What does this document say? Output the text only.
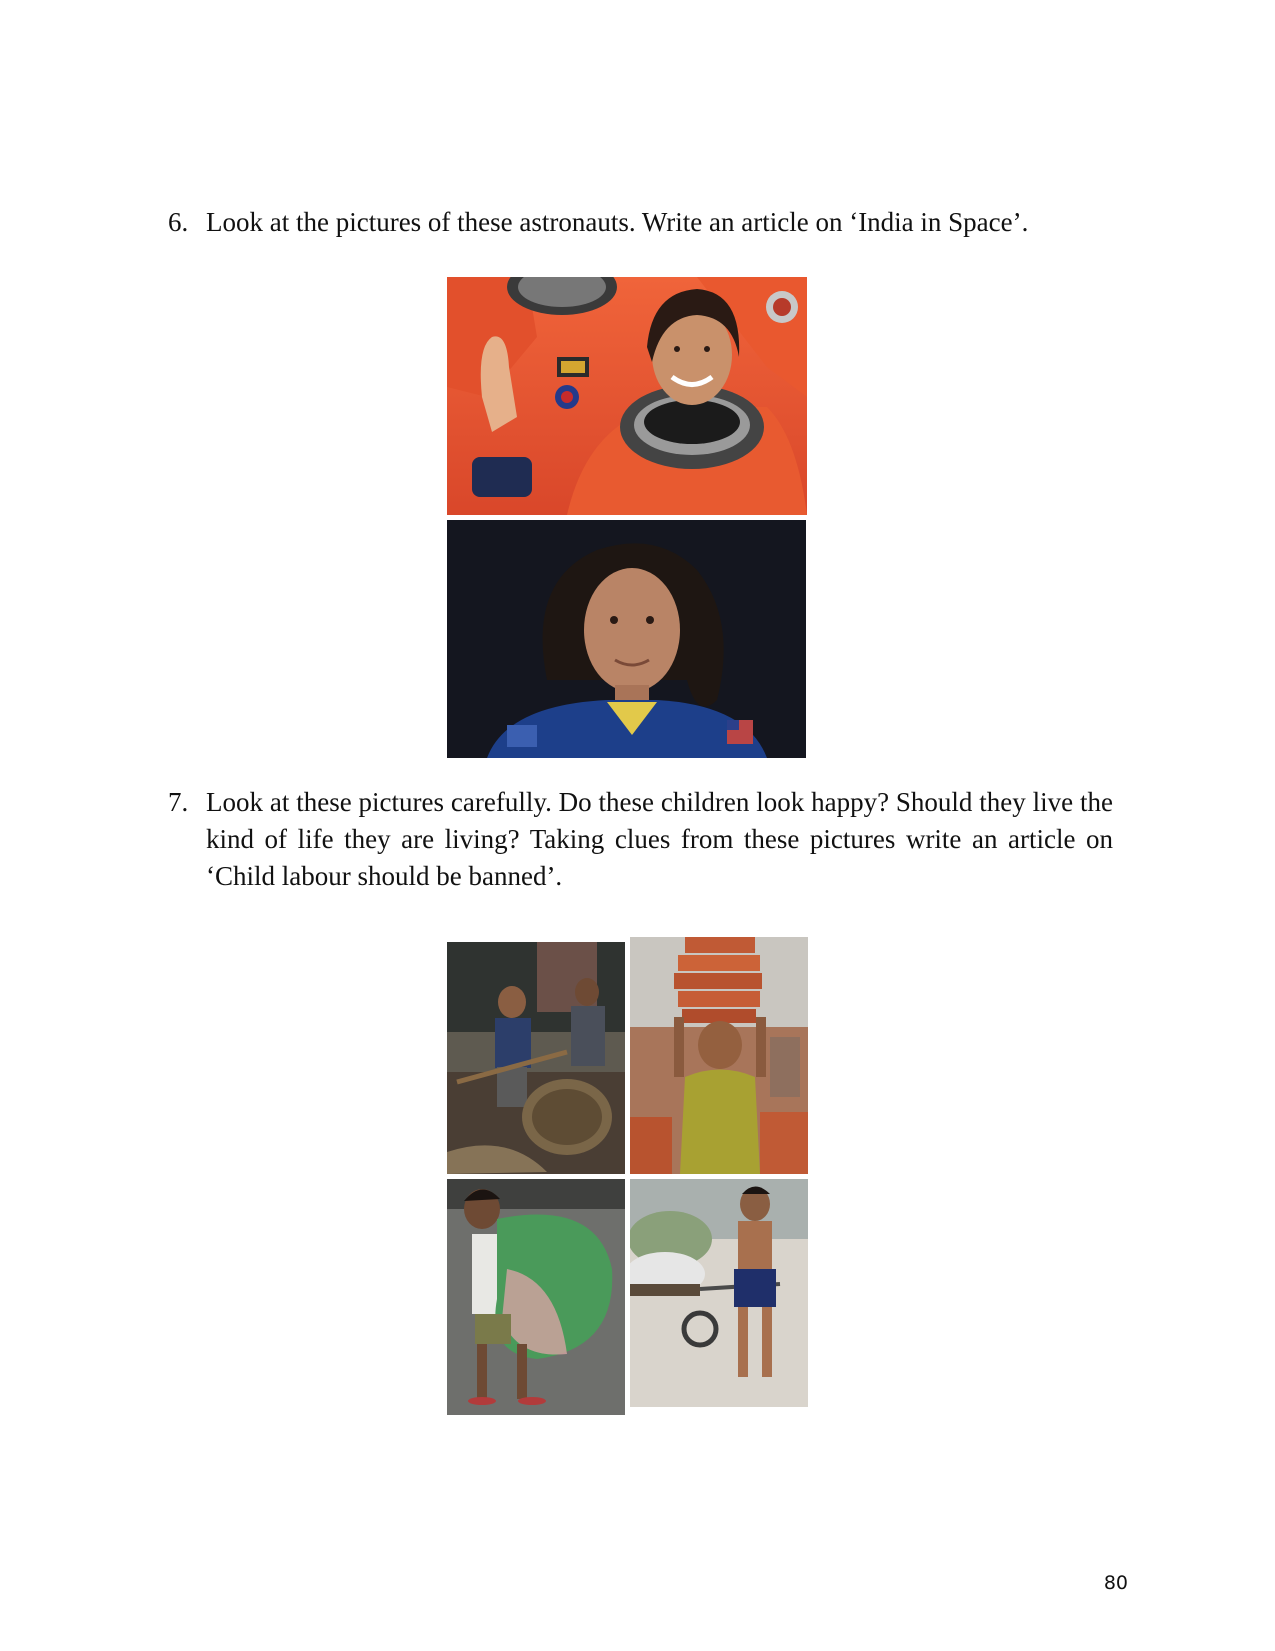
6. Look at the pictures of these astronauts. Write an article on ‘India in Space’.
7. Look at these pictures carefully. Do these children look happy? Should they live the kind of life they are living? Taking clues from these pictures write an article on ‘Child labour should be banned’.
80
